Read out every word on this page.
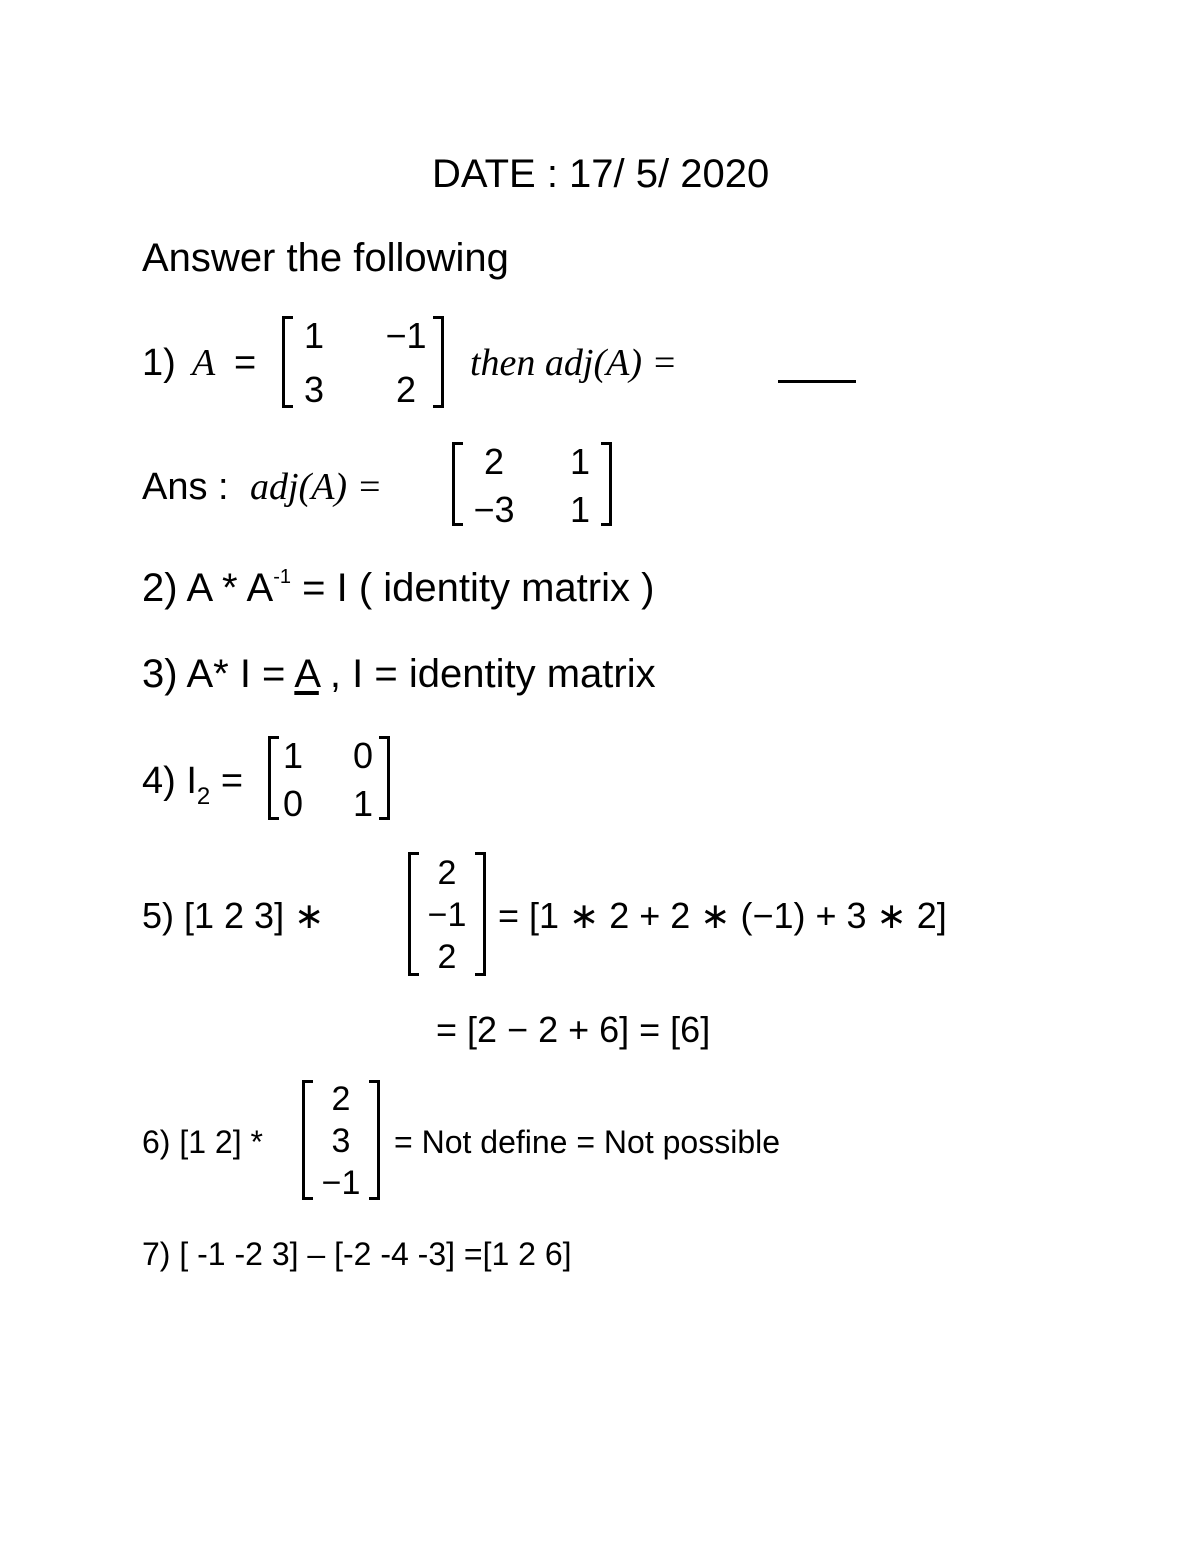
DATE : 17/ 5/ 2020
Answer the following
1) A =
1 −1
3	2
then adj(A) =
Ans : adj(A) =
2	1
−3 1
2) $A * A^{-1} = I$ ( identity matrix )
3) A* I = A , I = identity matrix
4) $I_2$ =
1 0
0 1
5) [1 2 3] ∗
2
−1
2
= [1 ∗ 2 + 2 ∗ (−1) + 3 ∗ 2]
= [2 − 2 + 6] = [6]
6) [1 2] *
2
3
−1
= Not define = Not possible
7) [ -1 -2 3] – [-2 -4 -3] =[1 2 6]
